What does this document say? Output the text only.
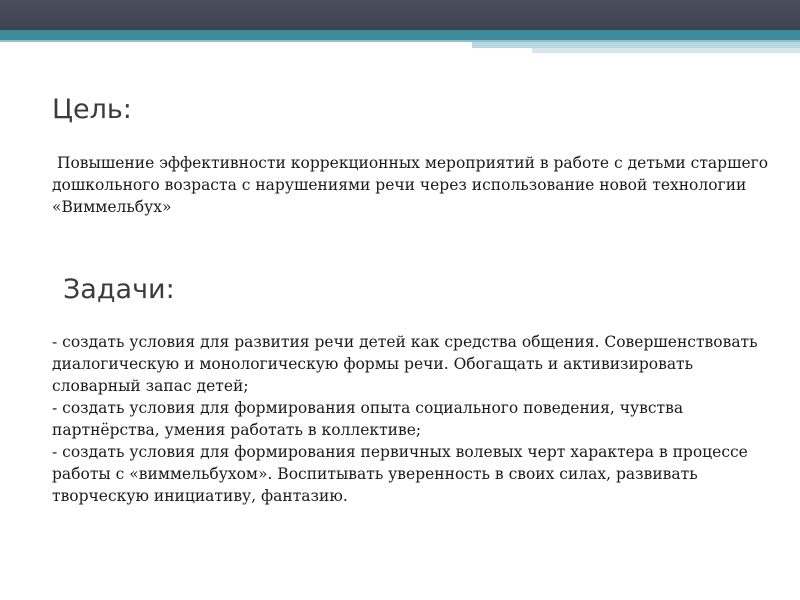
Цель:

Повышение эффективности коррекционных мероприятий в работе с детьми старшего дошкольного возраста с нарушениями речи через использование новой технологии «Виммельбух»

Задачи:
- создать условия для развития речи детей как средства общения. Совершенствовать диалогическую и монологическую формы речи. Обогащать и активизировать словарный запас детей;
- создать условия для формирования опыта социального поведения, чувства партнёрства, умения работать в коллективе;
- создать условия для формирования первичных волевых черт характера в процессе работы с «виммельбухом». Воспитывать уверенность в своих силах, развивать творческую инициативу, фантазию.
